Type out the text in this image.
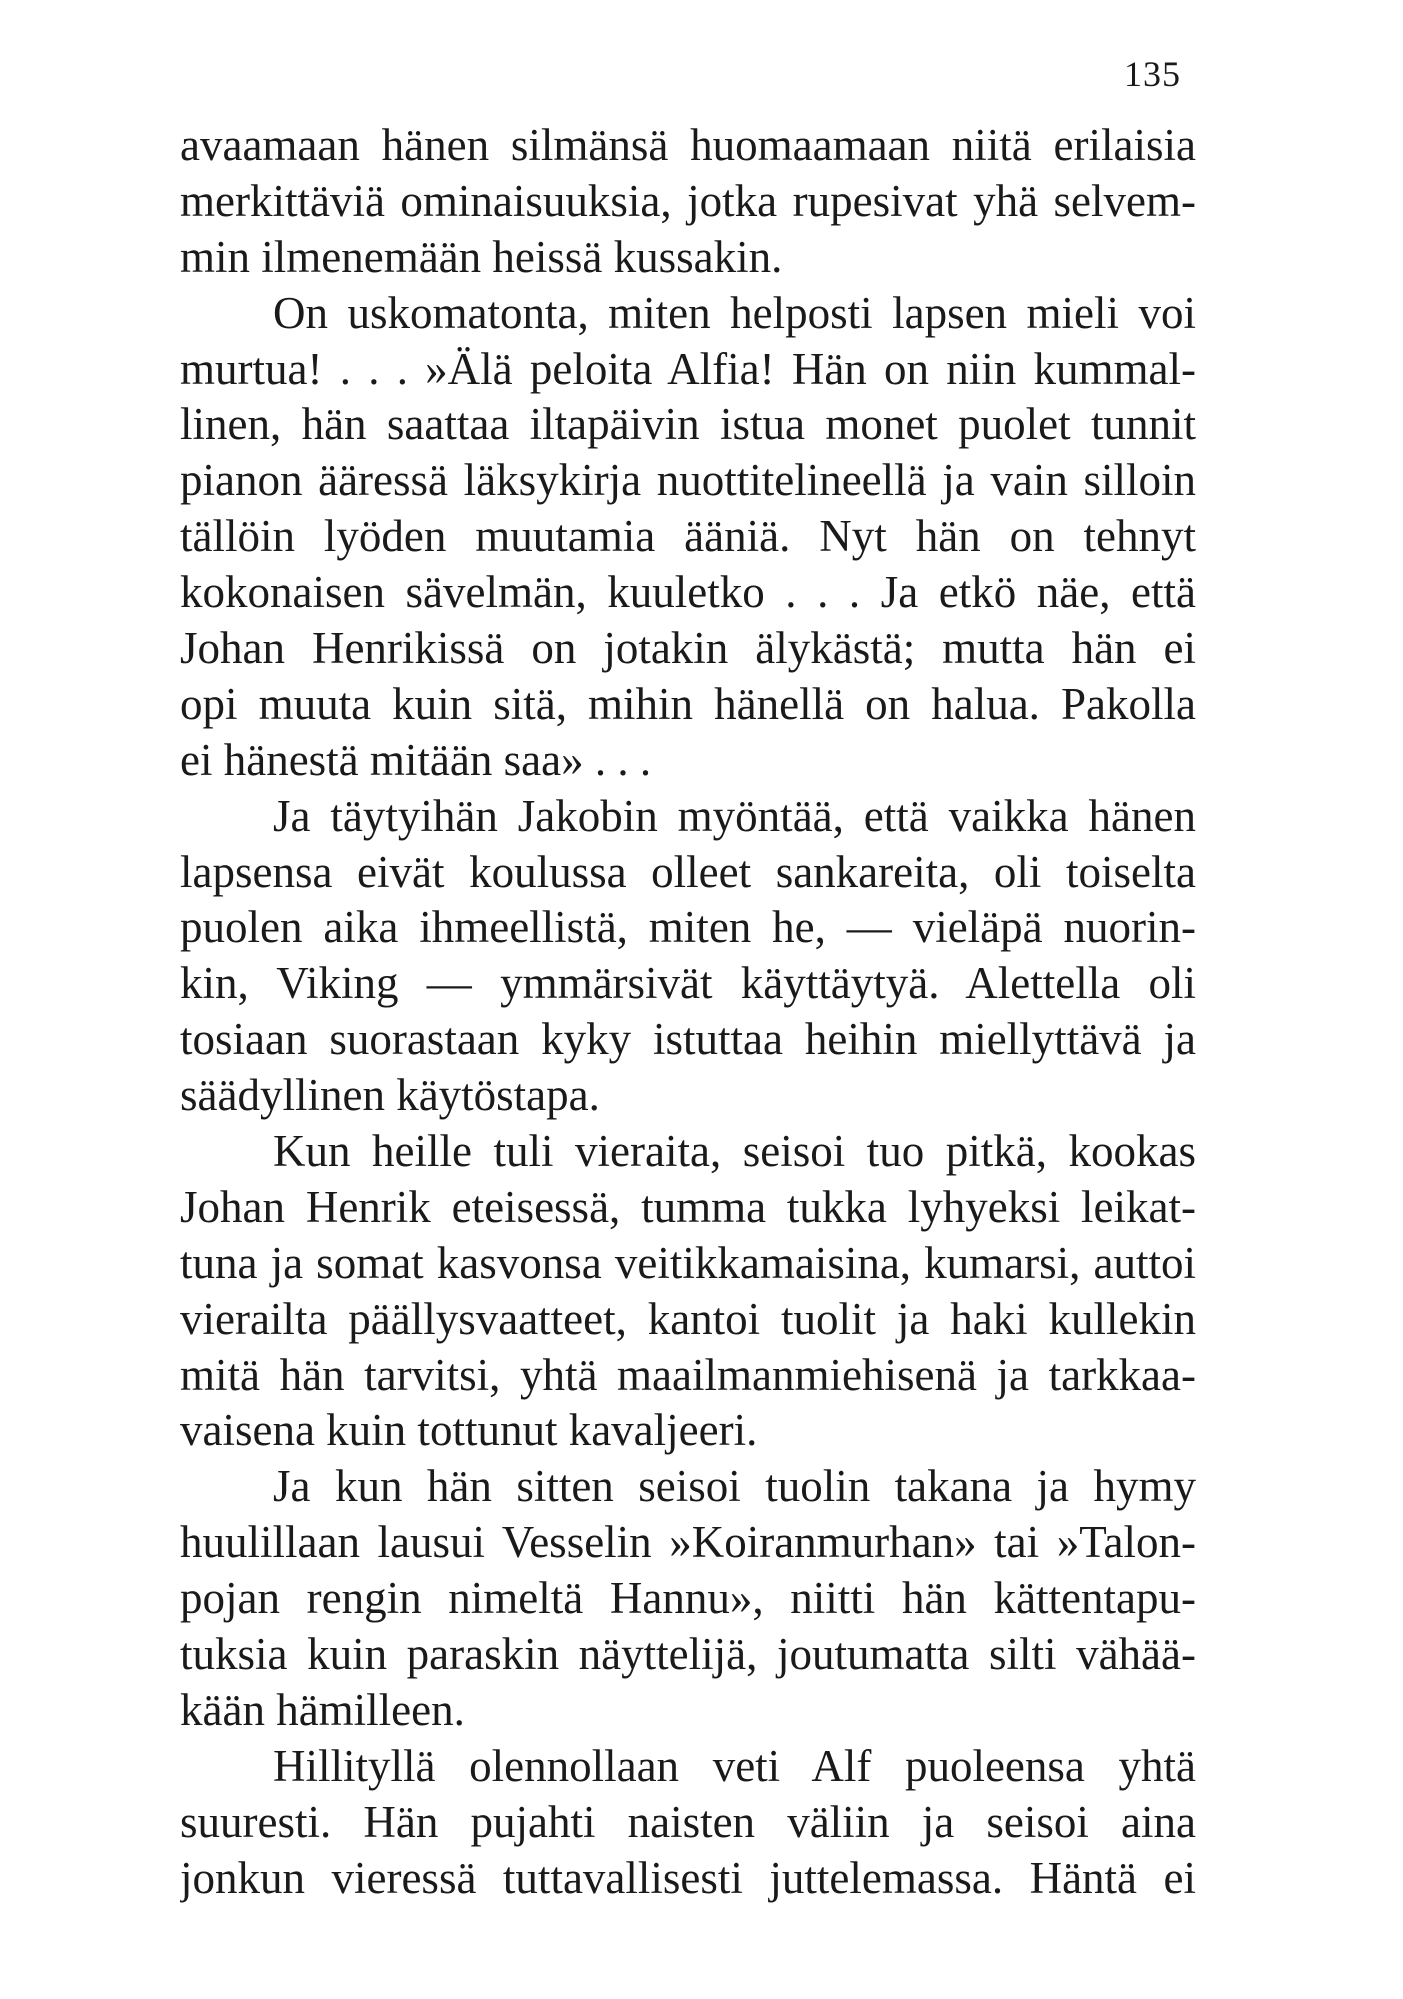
135
avaamaan hänen silmänsä huomaamaan niitä erilaisia
merkittäviä ominaisuuksia, jotka rupesivat yhä selvem-
min ilmenemään heissä kussakin.
On uskomatonta, miten helposti lapsen mieli voi
murtua! . . . »Älä peloita Alfia! Hän on niin kummal-
linen, hän saattaa iltapäivin istua monet puolet tunnit
pianon ääressä läksykirja nuottitelineellä ja vain silloin
tällöin lyöden muutamia ääniä. Nyt hän on tehnyt
kokonaisen sävelmän, kuuletko . . . Ja etkö näe, että
Johan Henrikissä on jotakin älykästä; mutta hän ei
opi muuta kuin sitä, mihin hänellä on halua. Pakolla
ei hänestä mitään saa» . . .
Ja täytyihän Jakobin myöntää, että vaikka hänen
lapsensa eivät koulussa olleet sankareita, oli toiselta
puolen aika ihmeellistä, miten he, — vieläpä nuorin-
kin, Viking — ymmärsivät käyttäytyä. Alettella oli
tosiaan suorastaan kyky istuttaa heihin miellyttävä ja
säädyllinen käytöstapa.
Kun heille tuli vieraita, seisoi tuo pitkä, kookas
Johan Henrik eteisessä, tumma tukka lyhyeksi leikat-
tuna ja somat kasvonsa veitikkamaisina, kumarsi, auttoi
vierailta päällysvaatteet, kantoi tuolit ja haki kullekin
mitä hän tarvitsi, yhtä maailmanmiehisenä ja tarkkaa-
vaisena kuin tottunut kavaljeeri.
Ja kun hän sitten seisoi tuolin takana ja hymy
huulillaan lausui Vesselin »Koiranmurhan» tai »Talon-
pojan rengin nimeltä Hannu», niitti hän kättentapu-
tuksia kuin paraskin näyttelijä, joutumatta silti vähää-
kään hämilleen.
Hillityllä olennollaan veti Alf puoleensa yhtä
suuresti. Hän pujahti naisten väliin ja seisoi aina
jonkun vieressä tuttavallisesti juttelemassa. Häntä ei
